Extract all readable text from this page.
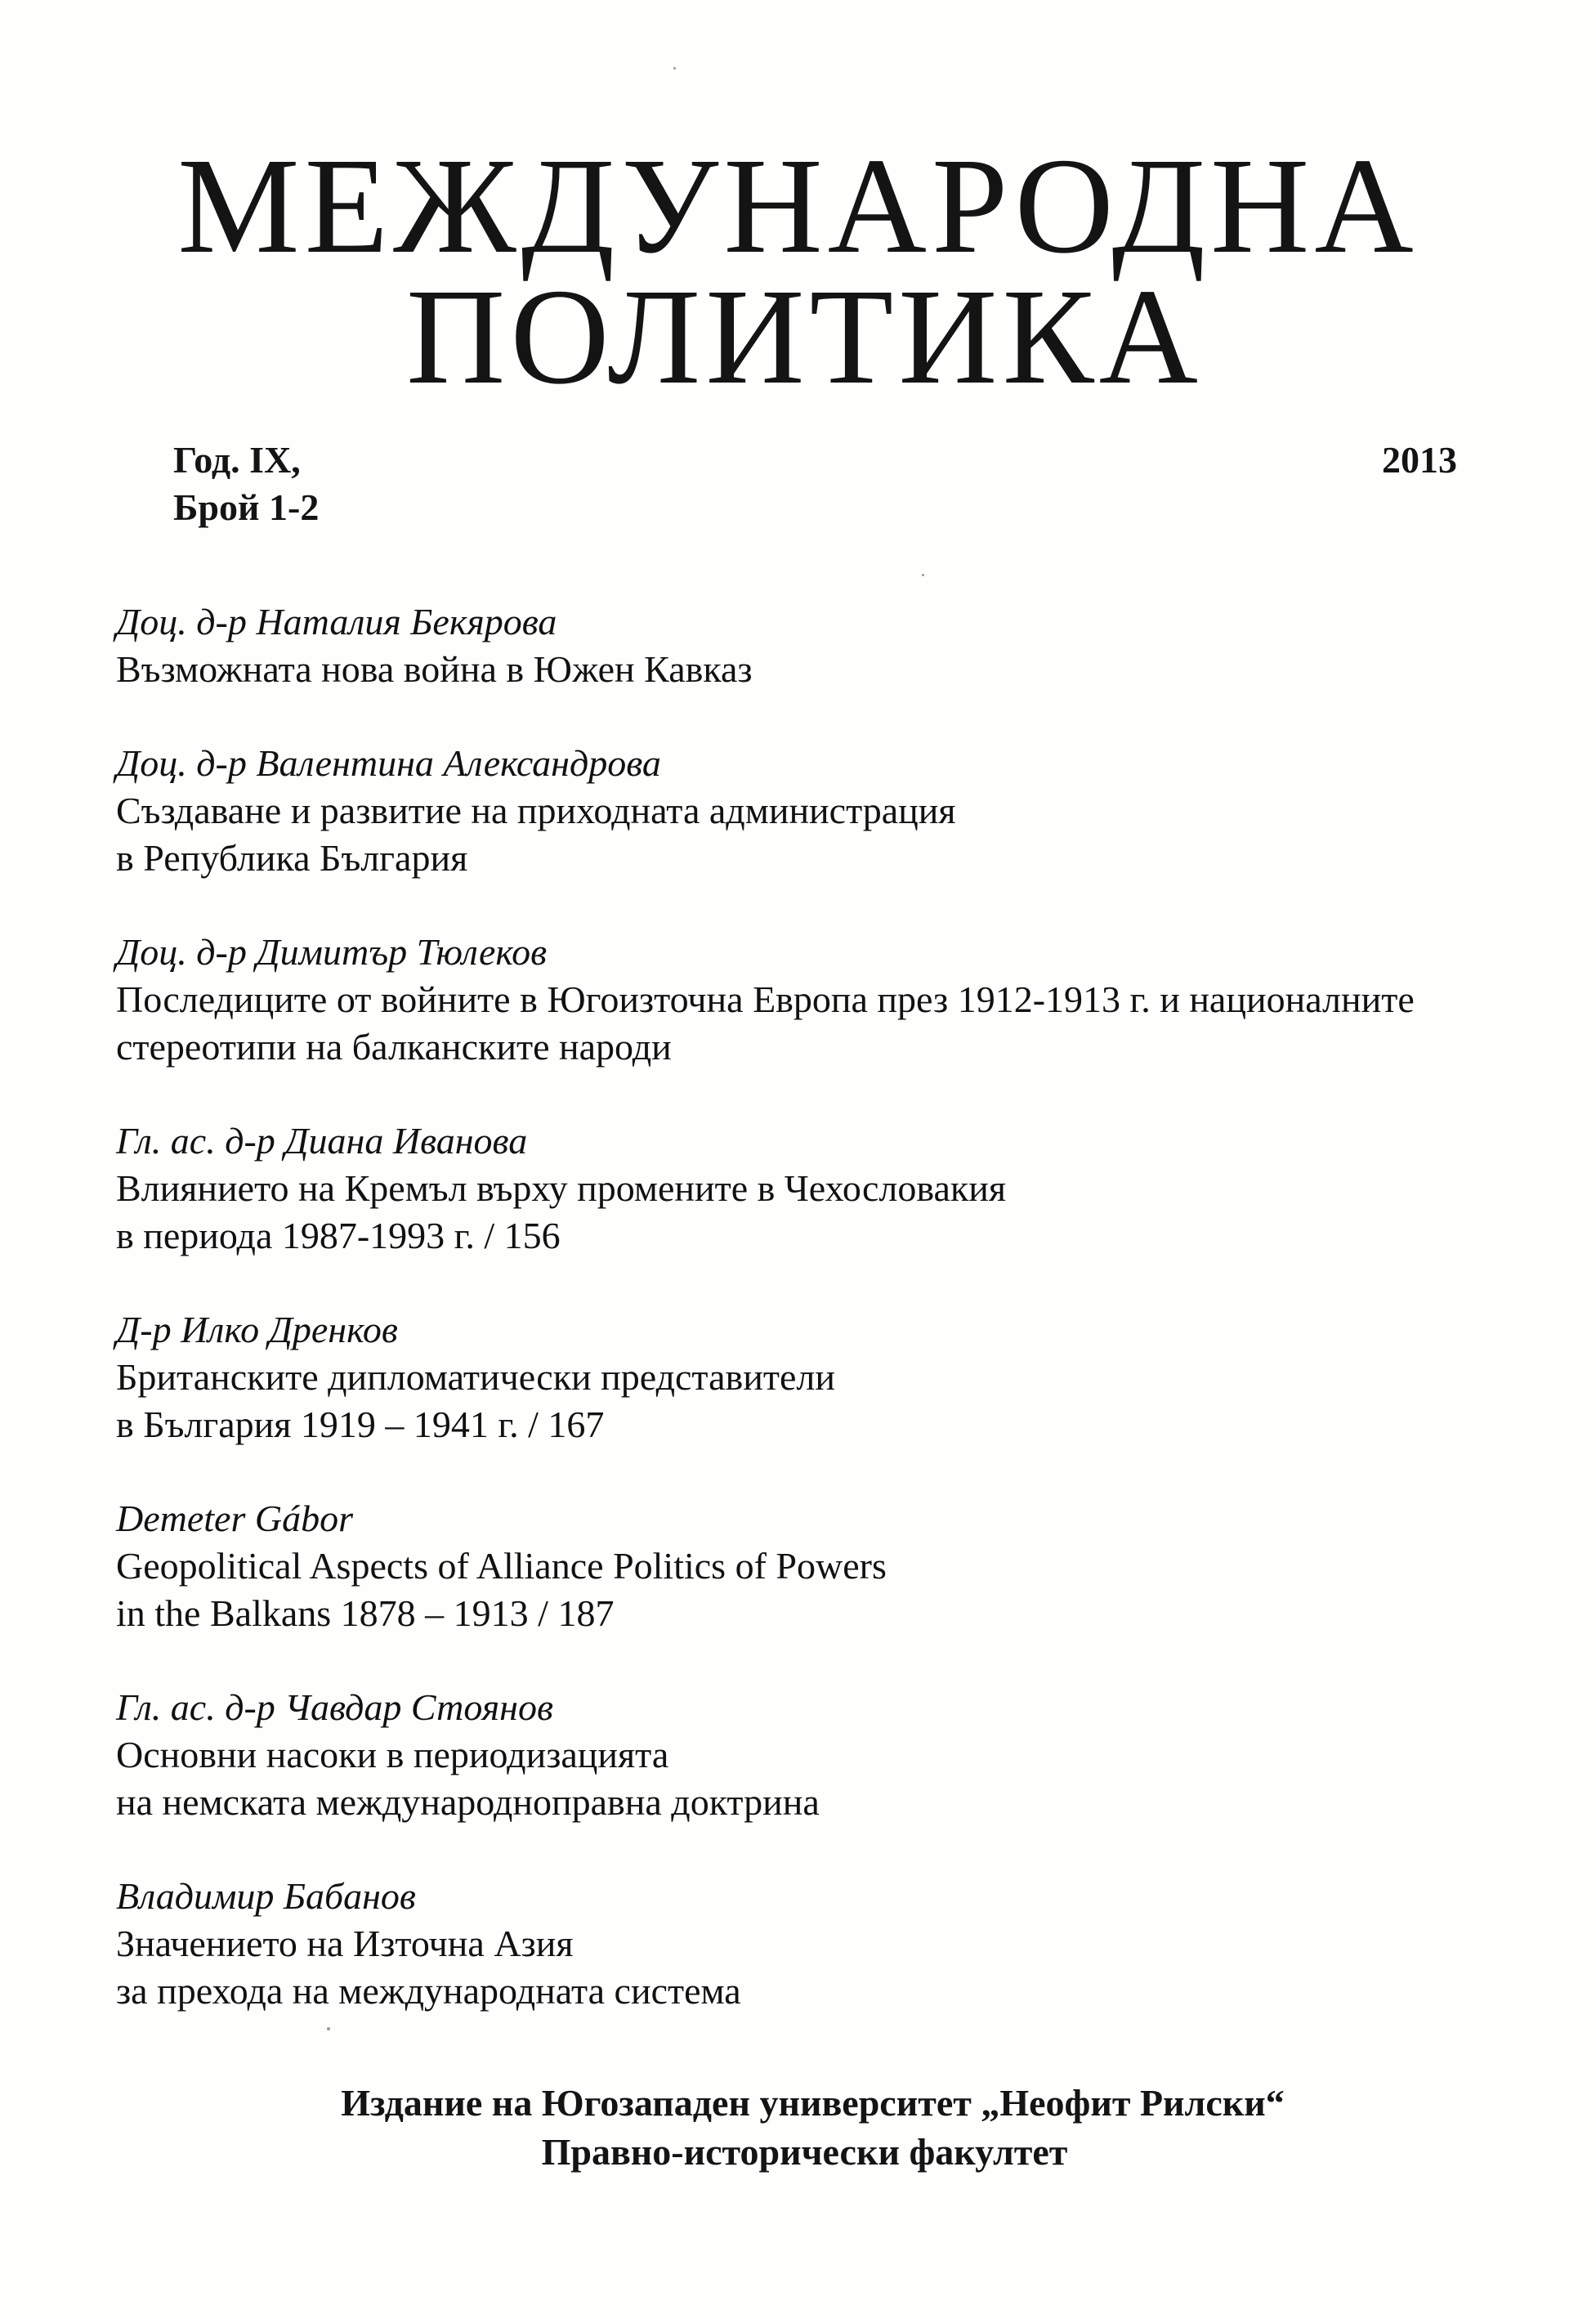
МЕЖДУНАРОДНА
ПОЛИТИКА
Год. IX,
Брой 1-2
2013
Доц. д-р Наталия Бекярова
Възможната нова война в Южен Кавказ
Доц. д-р Валентина Александрова
Създаване и развитие на приходната администрация
в Република България
Доц. д-р Димитър Тюлеков
Последиците от войните в Югоизточна Европа през 1912-1913 г. и националните
стереотипи на балканските народи
Гл. ас. д-р Диана Иванова
Влиянието на Кремъл върху промените в Чехословакия
в периода 1987-1993 г. / 156
Д-р Илко Дренков
Британските дипломатически представители
в България 1919 – 1941 г. / 167
Demeter Gábor
Geopolitical Aspects of Alliance Politics of Powers
in the Balkans 1878 – 1913 / 187
Гл. ас. д-р Чавдар Стоянов
Основни насоки в периодизацията
на немската международноправна доктрина
Владимир Бабанов
Значението на Източна Азия
за прехода на международната система
Издание на Югозападен университет „Неофит Рилски“
Правно-исторически факултет
